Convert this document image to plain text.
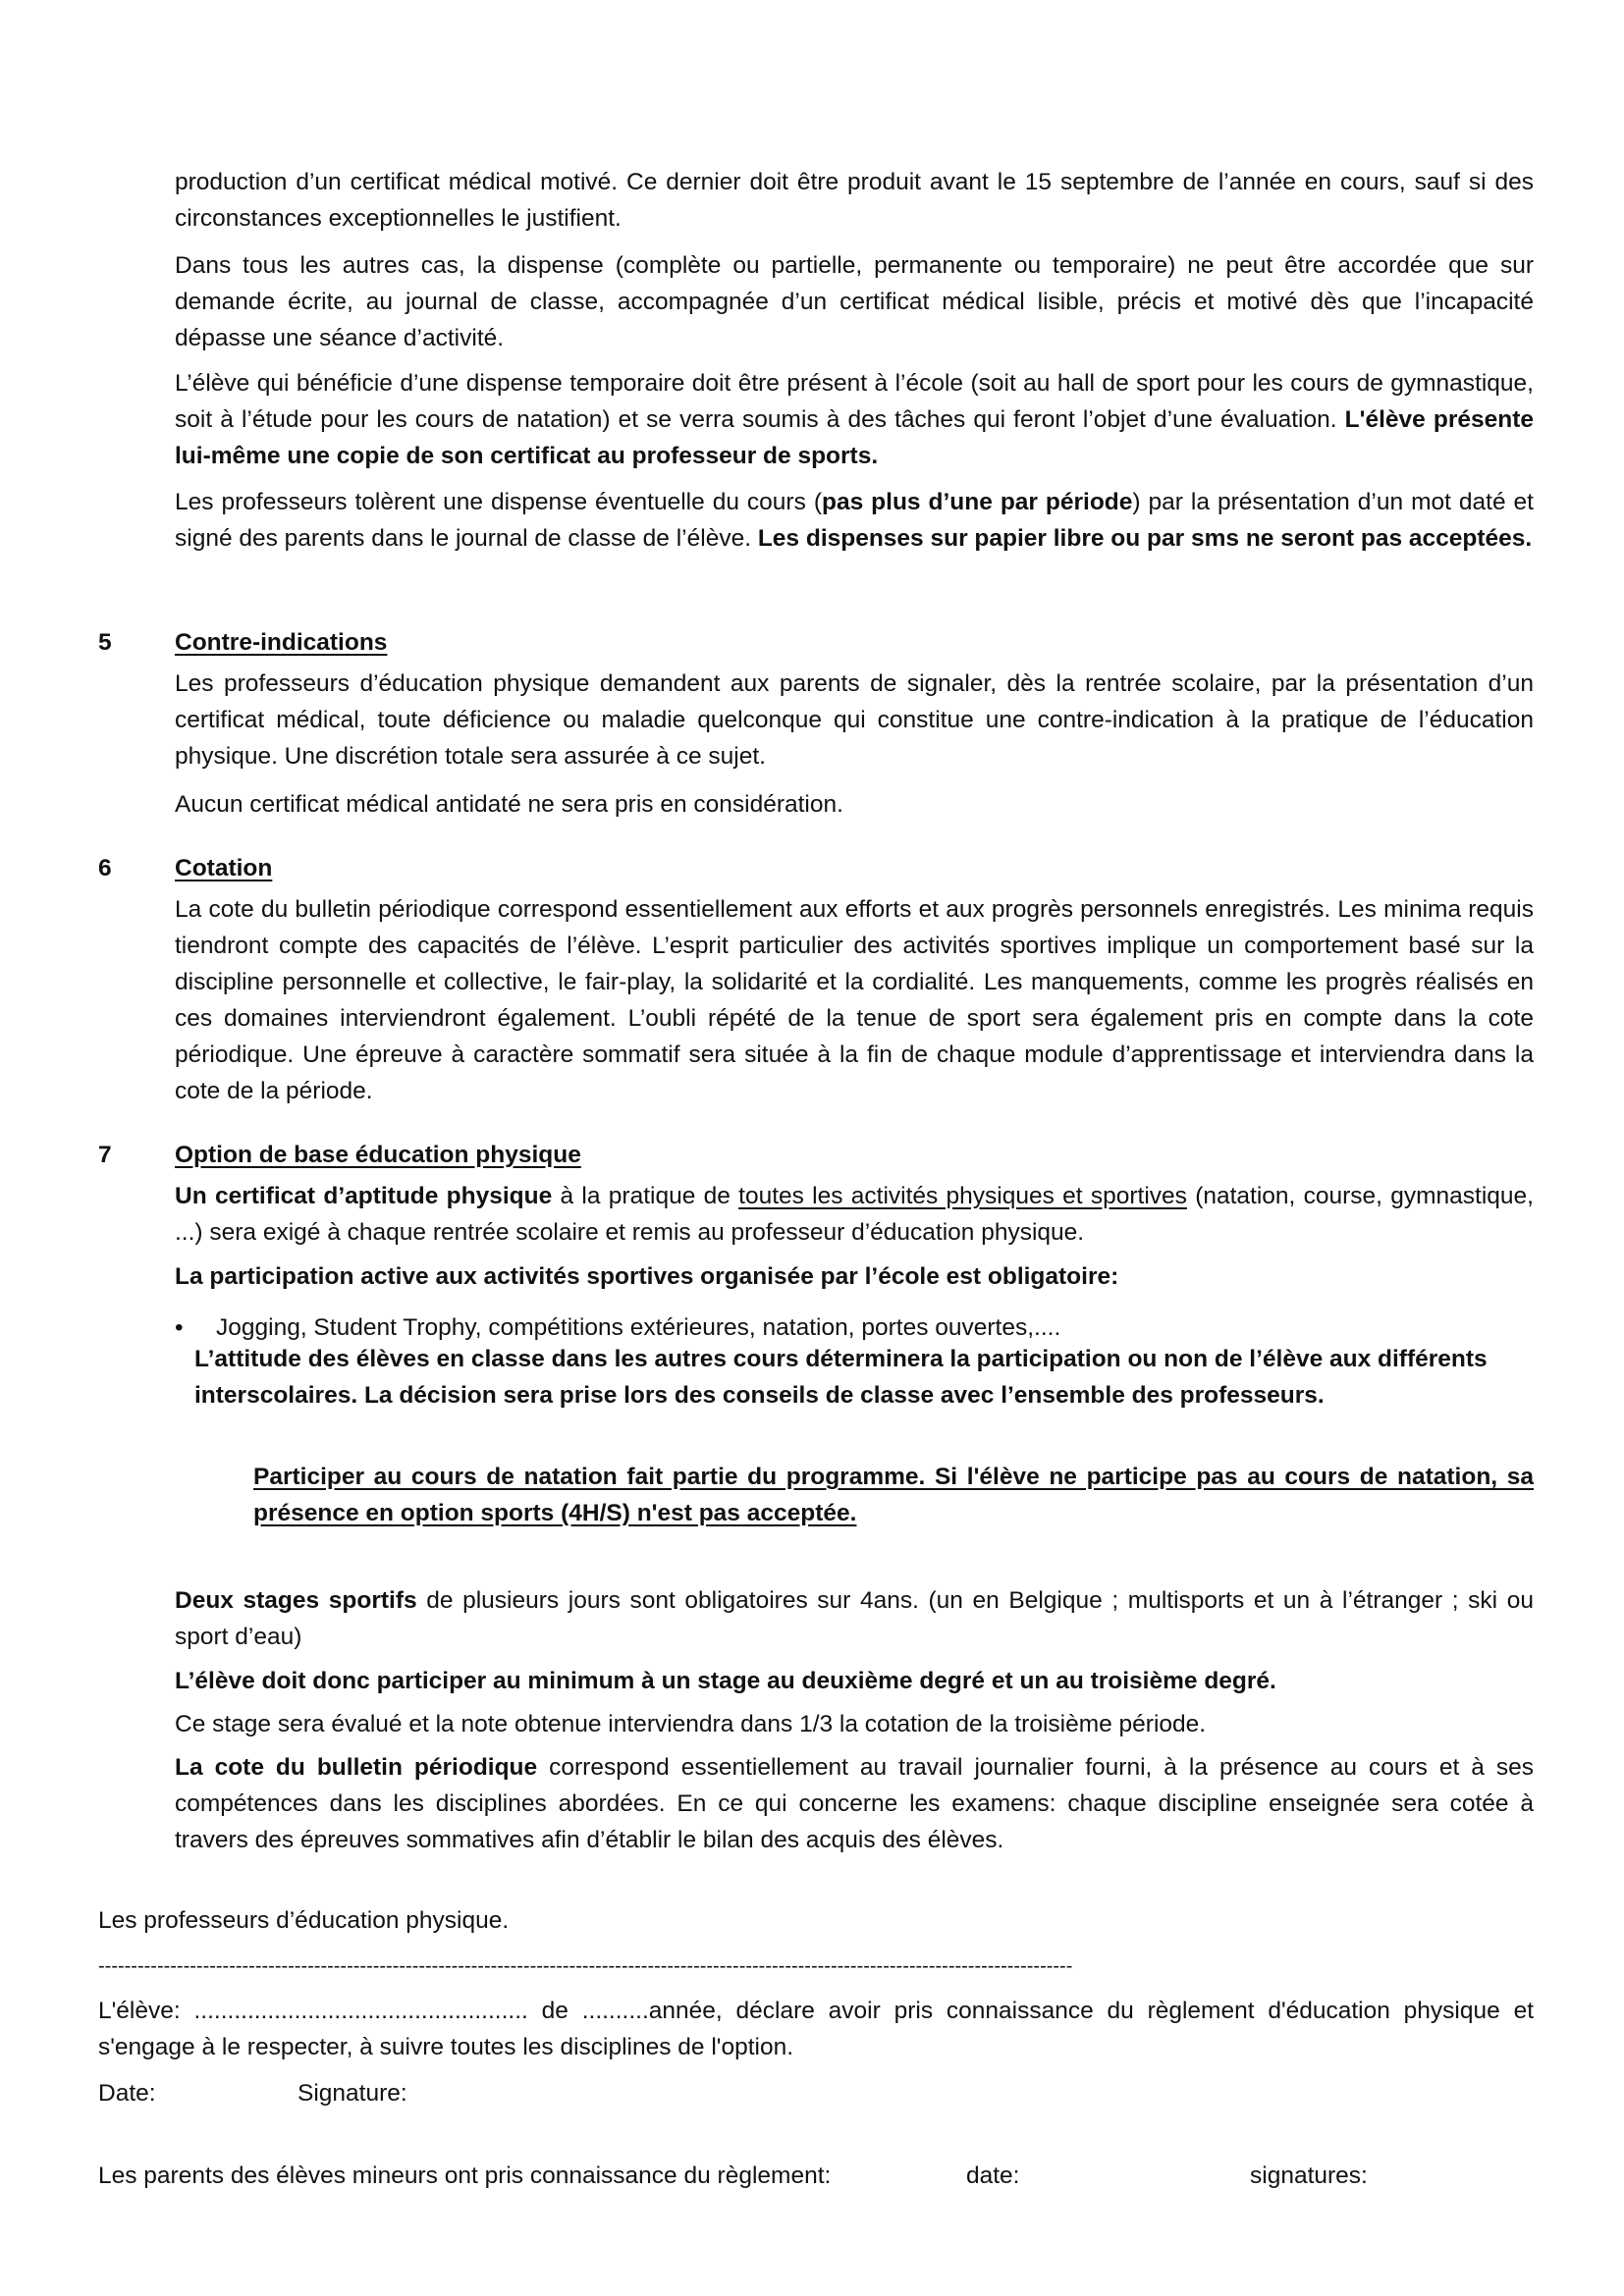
production d’un certificat médical motivé. Ce dernier doit être produit avant le 15 septembre de l’année en cours, sauf si des circonstances exceptionnelles le justifient.

Dans tous les autres cas, la dispense (complète ou partielle, permanente ou temporaire) ne peut être accordée que sur demande écrite, au journal de classe, accompagnée d’un certificat médical lisible, précis et motivé dès que l’incapacité dépasse une séance d’activité.

L’élève qui bénéficie d’une dispense temporaire doit être présent à l’école (soit au hall de sport pour les cours de gymnastique, soit à l’étude pour les cours de natation) et se verra soumis à des tâches qui feront l’objet d’une évaluation. L'élève présente lui-même une copie de son certificat au professeur de sports.

Les professeurs tolèrent une dispense éventuelle du cours (pas plus d’une par période) par la présentation d’un mot daté et signé des parents dans le journal de classe de l’élève. Les dispenses sur papier libre ou par sms ne seront pas acceptées.

5	Contre-indications

Les professeurs d’éducation physique demandent aux parents de signaler, dès la rentrée scolaire, par la présentation d’un certificat médical, toute déficience ou maladie quelconque qui constitue une contre-indication à la pratique de l’éducation physique. Une discrétion totale sera assurée à ce sujet.

Aucun certificat médical antidaté ne sera pris en considération.

6	Cotation

La cote du bulletin périodique correspond essentiellement aux efforts et aux progrès personnels enregistrés. Les minima requis tiendront compte des capacités de l’élève. L’esprit particulier des activités sportives implique un comportement basé sur la discipline personnelle et collective, le fair-play, la solidarité et la cordialité. Les manquements, comme les progrès réalisés en ces domaines interviendront également. L’oubli répété de la tenue de sport sera également pris en compte dans la cote périodique. Une épreuve à caractère sommatif sera située à la fin de chaque module d’apprentissage et interviendra dans la cote de la période.

7	Option de base éducation physique

Un certificat d’aptitude physique à la pratique de toutes les activités physiques et sportives (natation, course, gymnastique, ...) sera exigé à chaque rentrée scolaire et remis au professeur d’éducation physique.

La participation active aux activités sportives organisée par l’école est obligatoire:

• Jogging, Student Trophy, compétitions extérieures, natation, portes ouvertes,....

L’attitude des élèves en classe dans les autres cours déterminera la participation ou non de l’élève aux différents interscolaires. La décision sera prise lors des conseils de classe avec l’ensemble des professeurs.

Participer au cours de natation fait partie du programme. Si l'élève ne participe pas au cours de natation, sa présence en option sports (4H/S) n'est pas acceptée.

Deux stages sportifs de plusieurs jours sont obligatoires sur 4ans. (un en Belgique ; multisports et un à l’étranger ; ski ou sport d’eau)

L’élève doit donc participer au minimum à un stage au deuxième degré et un au troisième degré.

Ce stage sera évalué et la note obtenue interviendra dans 1/3 la cotation de la troisième période.

La cote du bulletin périodique correspond essentiellement au travail journalier fourni, à la présence au cours et à ses compétences dans les disciplines abordées. En ce qui concerne les examens: chaque discipline enseignée sera cotée à travers des épreuves sommatives afin d’établir le bilan des acquis des élèves.

Les professeurs d’éducation physique.

-----------------------------------------------------------------------------------------------------------------------------------------------------

L'élève: .................................................. de ..........année, déclare avoir pris connaissance du règlement d'éducation physique et s'engage à le respecter, à suivre toutes les disciplines de l'option.

Date:	Signature:
Les parents des élèves mineurs ont pris connaissance du règlement:	date:	signatures:
